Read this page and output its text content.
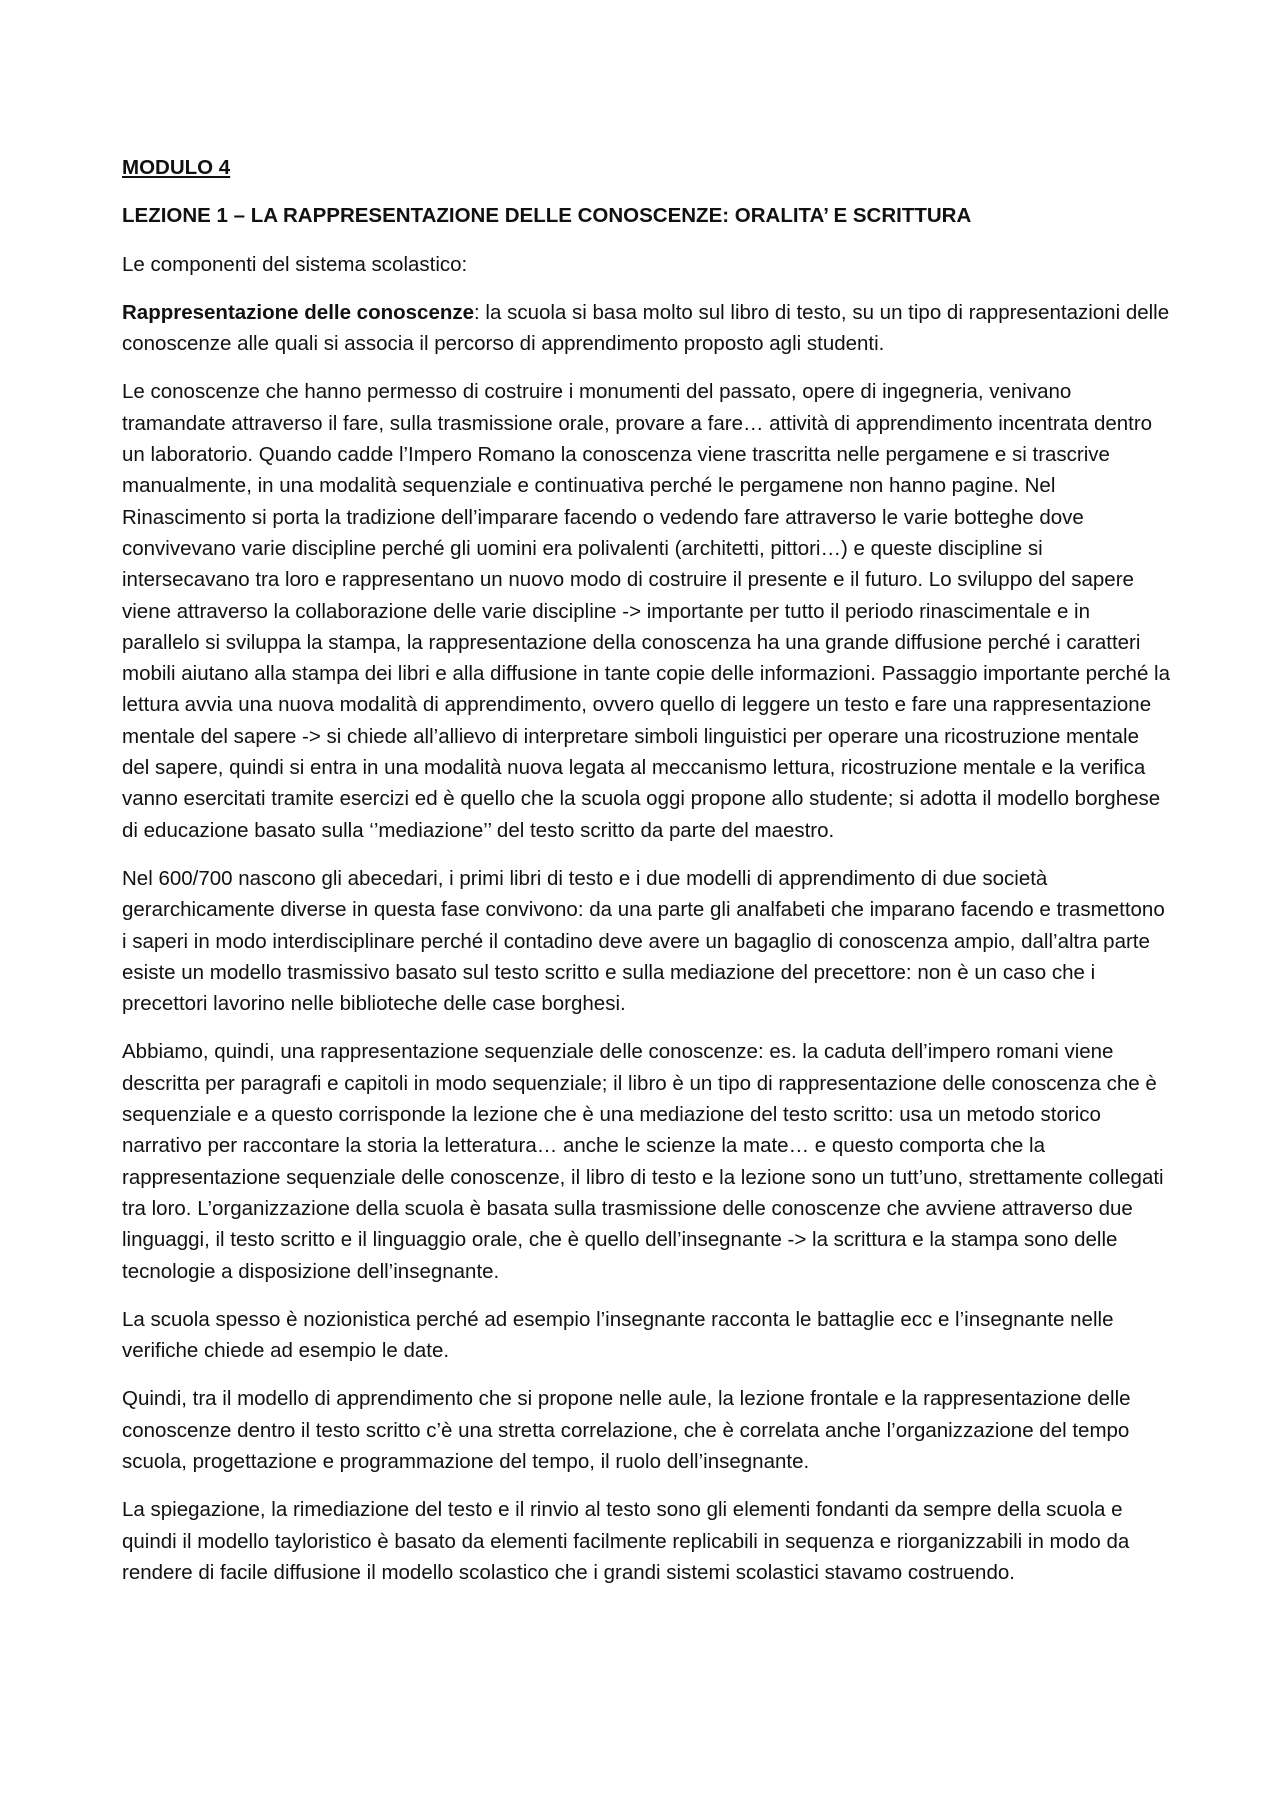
MODULO 4
LEZIONE 1 – LA RAPPRESENTAZIONE DELLE CONOSCENZE: ORALITA’ E SCRITTURA

Le componenti del sistema scolastico:

Rappresentazione delle conoscenze: la scuola si basa molto sul libro di testo, su un tipo di rappresentazioni delle conoscenze alle quali si associa il percorso di apprendimento proposto agli studenti.

Le conoscenze che hanno permesso di costruire i monumenti del passato, opere di ingegneria, venivano tramandate attraverso il fare, sulla trasmissione orale, provare a fare… attività di apprendimento incentrata dentro un laboratorio. Quando cadde l’Impero Romano la conoscenza viene trascritta nelle pergamene e si trascrive manualmente, in una modalità sequenziale e continuativa perché le pergamene non hanno pagine. Nel Rinascimento si porta la tradizione dell’imparare facendo o vedendo fare attraverso le varie botteghe dove convivevano varie discipline perché gli uomini era polivalenti (architetti, pittori…) e queste discipline si intersecavano tra loro e rappresentano un nuovo modo di costruire il presente e il futuro. Lo sviluppo del sapere viene attraverso la collaborazione delle varie discipline -> importante per tutto il periodo rinascimentale e in parallelo si sviluppa la stampa, la rappresentazione della conoscenza ha una grande diffusione perché i caratteri mobili aiutano alla stampa dei libri e alla diffusione in tante copie delle informazioni. Passaggio importante perché la lettura avvia una nuova modalità di apprendimento, ovvero quello di leggere un testo e fare una rappresentazione mentale del sapere -> si chiede all’allievo di interpretare simboli linguistici per operare una ricostruzione mentale del sapere, quindi si entra in una modalità nuova legata al meccanismo lettura, ricostruzione mentale e la verifica vanno esercitati tramite esercizi ed è quello che la scuola oggi propone allo studente; si adotta il modello borghese di educazione basato sulla ‘’mediazione’’ del testo scritto da parte del maestro.

Nel 600/700 nascono gli abecedari, i primi libri di testo e i due modelli di apprendimento di due società gerarchicamente diverse in questa fase convivono: da una parte gli analfabeti che imparano facendo e trasmettono i saperi in modo interdisciplinare perché il contadino deve avere un bagaglio di conoscenza ampio, dall’altra parte esiste un modello trasmissivo basato sul testo scritto e sulla mediazione del precettore: non è un caso che i precettori lavorino nelle biblioteche delle case borghesi.

Abbiamo, quindi, una rappresentazione sequenziale delle conoscenze: es. la caduta dell’impero romani viene descritta per paragrafi e capitoli in modo sequenziale; il libro è un tipo di rappresentazione delle conoscenza che è sequenziale e a questo corrisponde la lezione che è una mediazione del testo scritto: usa un metodo storico narrativo per raccontare la storia la letteratura… anche le scienze la mate… e questo comporta che la rappresentazione sequenziale delle conoscenze, il libro di testo e la lezione sono un tutt’uno, strettamente collegati tra loro. L’organizzazione della scuola è basata sulla trasmissione delle conoscenze che avviene attraverso due linguaggi, il testo scritto e il linguaggio orale, che è quello dell’insegnante -> la scrittura e la stampa sono delle tecnologie a disposizione dell’insegnante.

La scuola spesso è nozionistica perché ad esempio l’insegnante racconta le battaglie ecc e l’insegnante nelle verifiche chiede ad esempio le date.

Quindi, tra il modello di apprendimento che si propone nelle aule, la lezione frontale e la rappresentazione delle conoscenze dentro il testo scritto c’è una stretta correlazione, che è correlata anche l’organizzazione del tempo scuola, progettazione e programmazione del tempo, il ruolo dell’insegnante.

La spiegazione, la rimediazione del testo e il rinvio al testo sono gli elementi fondanti da sempre della scuola e quindi il modello tayloristico è basato da elementi facilmente replicabili in sequenza e riorganizzabili in modo da rendere di facile diffusione il modello scolastico che i grandi sistemi scolastici stavamo costruendo.
